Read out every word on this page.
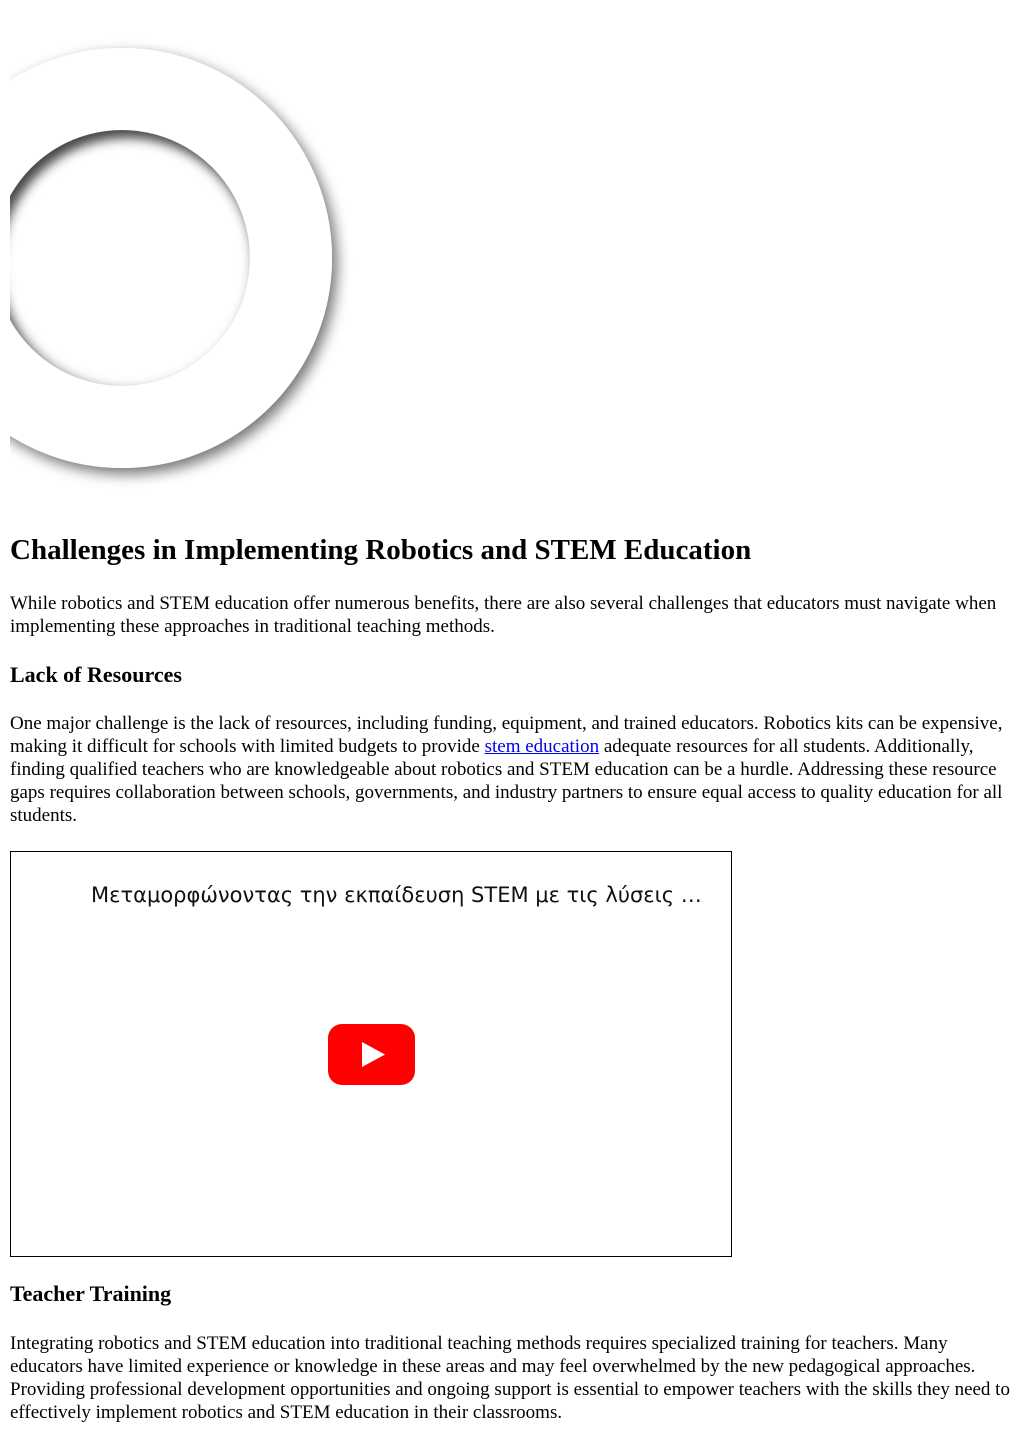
Challenges in Implementing Robotics and STEM Education

While robotics and STEM education offer numerous benefits, there are also several challenges that educators must navigate when implementing these approaches in traditional teaching methods.

Lack of Resources

One major challenge is the lack of resources, including funding, equipment, and trained educators. Robotics kits can be expensive, making it difficult for schools with limited budgets to provide stem education adequate resources for all students. Additionally, finding qualified teachers who are knowledgeable about robotics and STEM education can be a hurdle. Addressing these resource gaps requires collaboration between schools, governments, and industry partners to ensure equal access to quality education for all students.

Μεταμορφώνοντας την εκπαίδευση STEM με τις λύσεις …
Teacher Training

Integrating robotics and STEM education into traditional teaching methods requires specialized training for teachers. Many educators have limited experience or knowledge in these areas and may feel overwhelmed by the new pedagogical approaches. Providing professional development opportunities and ongoing support is essential to empower teachers with the skills they need to effectively implement robotics and STEM education in their classrooms.
